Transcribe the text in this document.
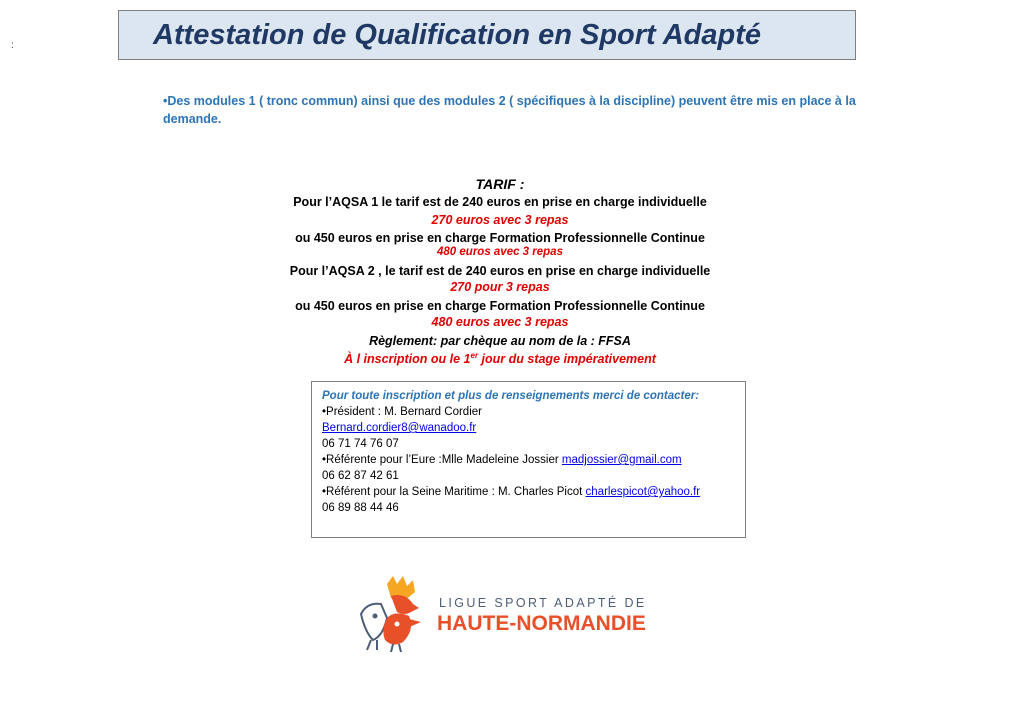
:	Attestation de Qualification en Sport Adapté
•Des modules 1 ( tronc commun) ainsi que des modules 2 ( spécifiques à la discipline) peuvent être mis en place à la demande.
TARIF :
Pour l’AQSA 1 le tarif est de 240 euros en prise en charge individuelle
270 euros avec 3 repas
ou 450 euros en prise en charge Formation Professionnelle Continue
480 euros avec 3 repas
Pour l’AQSA 2 , le tarif est de 240 euros en prise en charge individuelle
270 pour 3 repas
ou 450 euros en prise en charge Formation Professionnelle Continue
480 euros avec 3 repas
Règlement: par chèque au nom de la : FFSA
À l inscription ou le 1er jour du stage impérativement
Pour toute inscription et plus de renseignements merci de contacter:
•Président : M. Bernard Cordier
Bernard.cordier8@wanadoo.fr
06 71 74 76 07
•Référente pour l’Eure :Mlle Madeleine Jossier madjossier@gmail.com
06 62 87 42 61
•Référent pour la Seine Maritime : M. Charles Picot charlespicot@yahoo.fr
06 89 88 44 46
LIGUE SPORT ADAPTÉ DE
HAUTE-NORMANDIE
